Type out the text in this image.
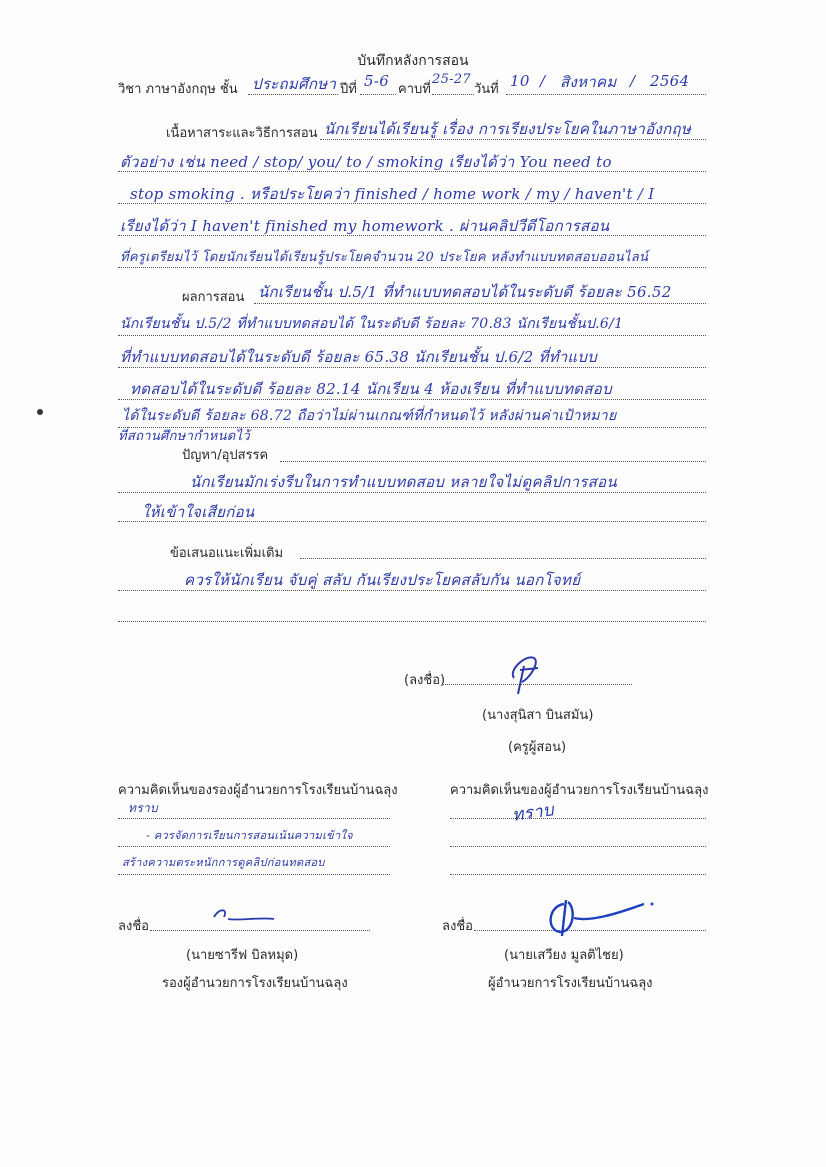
บันทึกหลังการสอน
วิชา ภาษาอังกฤษ ชั้น ประถมศึกษา ปีที่ 5-6 คาบที่
25-27
วันที่ 10 / สิงหาคม / 2564
เนื้อหาสาระและวิธีการสอน นักเรียนได้เรียนรู้ เรื่อง การเรียงประโยคในภาษาอังกฤษ
ตัวอย่าง เช่น need / stop/ you/ to / smoking เรียงได้ว่า You need to
stop smoking . หรือประโยคว่า finished / home work / my / haven't / I
เรียงได้ว่า I haven't finished my homework . ผ่านคลิปวีดีโอการสอน
ที่ครูเตรียมไว้ โดยนักเรียนได้เรียนรู้ประโยคจำนวน 20 ประโยค หลังทำแบบทดสอบออนไลน์
ผลการสอน นักเรียนชั้น ป.5/1 ที่ทำแบบทดสอบได้ในระดับดี ร้อยละ 56.52
นักเรียนชั้น ป.5/2 ที่ทำแบบทดสอบได้ ในระดับดี ร้อยละ 70.83 นักเรียนชั้นป.6/1
ที่ทำแบบทดสอบได้ในระดับดี ร้อยละ 65.38 นักเรียนชั้น ป.6/2 ที่ทำแบบ
ทดสอบได้ในระดับดี ร้อยละ 82.14 นักเรียน 4 ห้องเรียน ที่ทำแบบทดสอบ
ได้ในระดับดี ร้อยละ 68.72 ถือว่าไม่ผ่านเกณฑ์ที่กำหนดไว้ หลังผ่านค่าเป้าหมาย
ที่สถานศึกษากำหนดไว้
ปัญหา/อุปสรรค
นักเรียนมักเร่งรีบในการทำแบบทดสอบ หลายใจไม่ดูคลิปการสอน
ให้เข้าใจเสียก่อน
ข้อเสนอแนะเพิ่มเติม
ควรให้นักเรียน จับคู่ สลับ กันเรียงประโยคสลับกัน นอกโจทย์
(ลงชื่อ)
(นางสุนิสา บินสมัน)
(ครูผู้สอน)
ความคิดเห็นของรองผู้อำนวยการโรงเรียนบ้านฉลุง
ทราบ
- ควรจัดการเรียนการสอนเน้นความเข้าใจ
สร้างความตระหนักการดูคลิปก่อนทดสอบ
ลงชื่อ
(นายซารีฟ บิลหมุด)
รองผู้อำนวยการโรงเรียนบ้านฉลุง
ความคิดเห็นของผู้อำนวยการโรงเรียนบ้านฉลุง
ทราบ
ลงชื่อ
(นายเสวียง มูลติไชย)
ผู้อำนวยการโรงเรียนบ้านฉลุง
